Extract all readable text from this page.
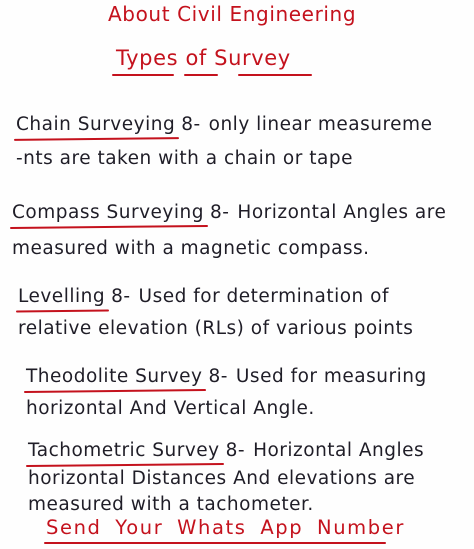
About Civil Engineering
Types of Survey
Chain Surveying 8- only linear measureme
-nts are taken with a chain or tape
Compass Surveying 8- Horizontal Angles are
measured with a magnetic compass.
Levelling 8- Used for determination of
relative elevation (RLs) of various points
Theodolite Survey 8- Used for measuring
horizontal And Vertical Angle.
Tachometric Survey 8- Horizontal Angles
horizontal Distances And elevations are
measured with a tachometer.
Send Your Whats App Number
